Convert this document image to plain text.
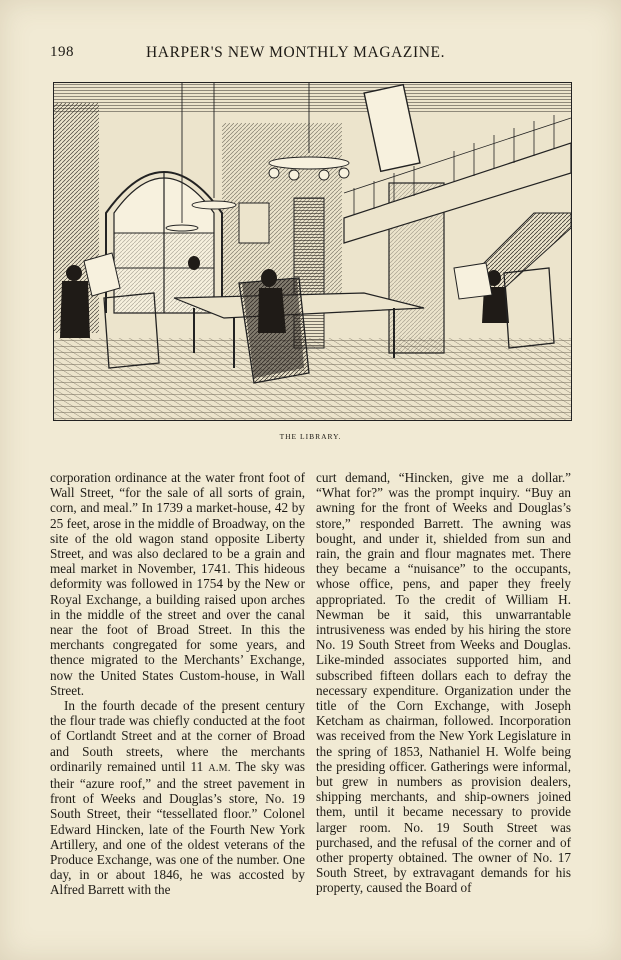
198	HARPER'S NEW MONTHLY MAGAZINE.
THE LIBRARY.

corporation ordinance at the water front foot of Wall Street, “for the sale of all sorts of grain, corn, and meal.” In 1739 a market-house, 42 by 25 feet, arose in the middle of Broadway, on the site of the old wagon stand opposite Liberty Street, and was also declared to be a grain and meal market in November, 1741. This hideous deformity was followed in 1754 by the New or Royal Exchange, a building raised upon arches in the middle of the street and over the canal near the foot of Broad Street. In this the merchants congregated for some years, and thence migrated to the Merchants’ Exchange, now the United States Custom-house, in Wall Street.

In the fourth decade of the present century the flour trade was chiefly conducted at the foot of Cortlandt Street and at the corner of Broad and South streets, where the merchants ordinarily remained until 11 A.M. The sky was their “azure roof,” and the street pavement in front of Weeks and Douglas’s store, No. 19 South Street, their “tessellated floor.” Colonel Edward Hincken, late of the Fourth New York Artillery, and one of the oldest veterans of the Produce Exchange, was one of the number. One day, in or about 1846, he was accosted by Alfred Barrett with the

curt demand, “Hincken, give me a dollar.” “What for?” was the prompt inquiry. “Buy an awning for the front of Weeks and Douglas’s store,” responded Barrett. The awning was bought, and under it, shielded from sun and rain, the grain and flour magnates met. There they became a “nuisance” to the occupants, whose office, pens, and paper they freely appropriated. To the credit of William H. Newman be it said, this unwarrantable intrusiveness was ended by his hiring the store No. 19 South Street from Weeks and Douglas. Like-minded associates supported him, and subscribed fifteen dollars each to defray the necessary expenditure. Organization under the title of the Corn Exchange, with Joseph Ketcham as chairman, followed. Incorporation was received from the New York Legislature in the spring of 1853, Nathaniel H. Wolfe being the presiding officer. Gatherings were informal, but grew in numbers as provision dealers, shipping merchants, and ship-owners joined them, until it became necessary to provide larger room. No. 19 South Street was purchased, and the refusal of the corner and of other property obtained. The owner of No. 17 South Street, by extravagant demands for his property, caused the Board of
